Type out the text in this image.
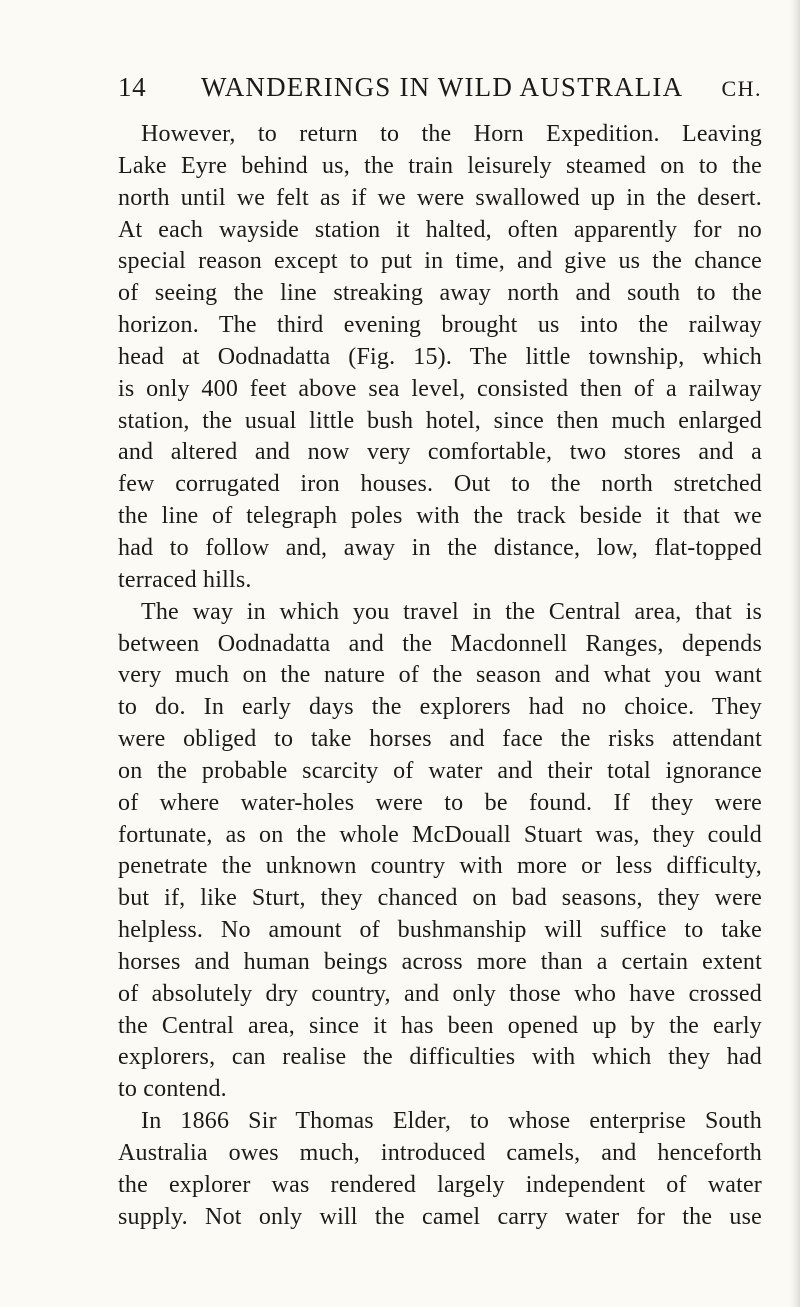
14 WANDERINGS IN WILD AUSTRALIA CH.
However, to return to the Horn Expedition. Leaving
Lake Eyre behind us, the train leisurely steamed on to the
north until we felt as if we were swallowed up in the desert.
At each wayside station it halted, often apparently for no
special reason except to put in time, and give us the chance
of seeing the line streaking away north and south to the
horizon. The third evening brought us into the railway
head at Oodnadatta (Fig. 15). The little township, which
is only 400 feet above sea level, consisted then of a railway
station, the usual little bush hotel, since then much enlarged
and altered and now very comfortable, two stores and a
few corrugated iron houses. Out to the north stretched
the line of telegraph poles with the track beside it that we
had to follow and, away in the distance, low, flat-topped
terraced hills.
The way in which you travel in the Central area, that is
between Oodnadatta and the Macdonnell Ranges, depends
very much on the nature of the season and what you want
to do. In early days the explorers had no choice. They
were obliged to take horses and face the risks attendant
on the probable scarcity of water and their total ignorance
of where water-holes were to be found. If they were
fortunate, as on the whole McDouall Stuart was, they could
penetrate the unknown country with more or less difficulty,
but if, like Sturt, they chanced on bad seasons, they were
helpless. No amount of bushmanship will suffice to take
horses and human beings across more than a certain extent
of absolutely dry country, and only those who have crossed
the Central area, since it has been opened up by the early
explorers, can realise the difficulties with which they had
to contend.
In 1866 Sir Thomas Elder, to whose enterprise South
Australia owes much, introduced camels, and henceforth
the explorer was rendered largely independent of water
supply. Not only will the camel carry water for the use
